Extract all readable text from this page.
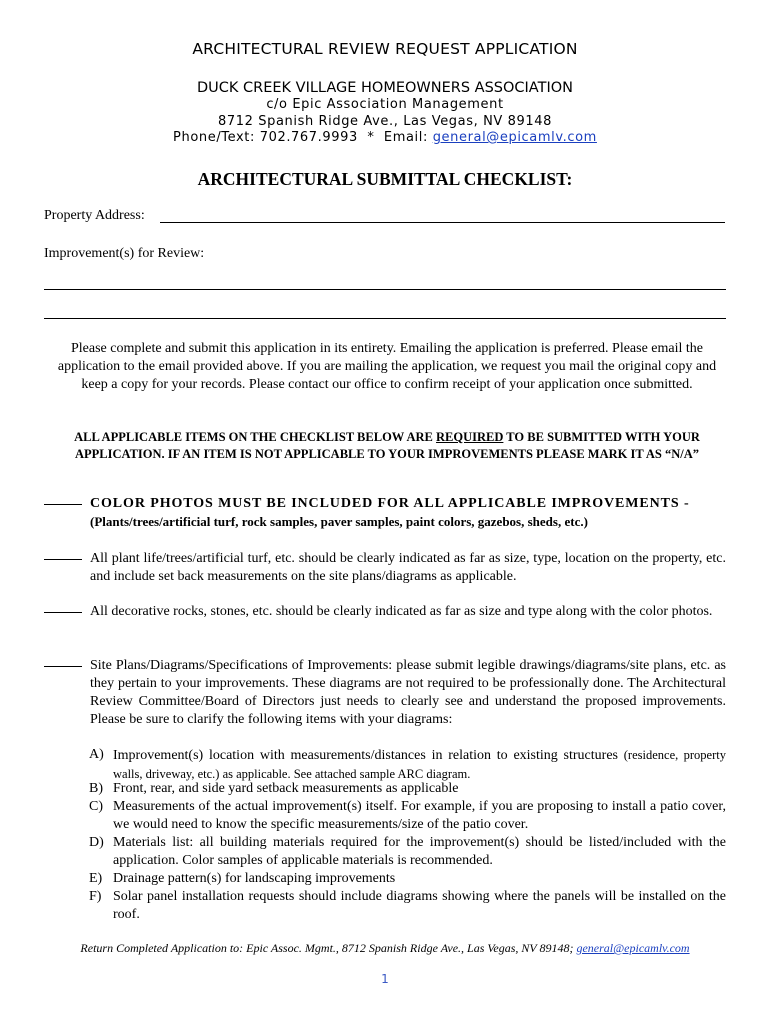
ARCHITECTURAL REVIEW REQUEST APPLICATION
DUCK CREEK VILLAGE HOMEOWNERS ASSOCIATION
c/o Epic Association Management
8712 Spanish Ridge Ave., Las Vegas, NV 89148
Phone/Text: 702.767.9993  *  Email: general@epicamlv.com
ARCHITECTURAL SUBMITTAL CHECKLIST:
Property Address:
Improvement(s) for Review:
Please complete and submit this application in its entirety. Emailing the application is preferred. Please email the application to the email provided above. If you are mailing the application, we request you mail the original copy and keep a copy for your records. Please contact our office to confirm receipt of your application once submitted.
ALL APPLICABLE ITEMS ON THE CHECKLIST BELOW ARE REQUIRED TO BE SUBMITTED WITH YOUR APPLICATION. IF AN ITEM IS NOT APPLICABLE TO YOUR IMPROVEMENTS PLEASE MARK IT AS “N/A”
COLOR PHOTOS MUST BE INCLUDED FOR ALL APPLICABLE IMPROVEMENTS -
(Plants/trees/artificial turf, rock samples, paver samples, paint colors, gazebos, sheds, etc.)
All plant life/trees/artificial turf, etc. should be clearly indicated as far as size, type, location on the property, etc. and include set back measurements on the site plans/diagrams as applicable.
All decorative rocks, stones, etc. should be clearly indicated as far as size and type along with the color photos.
Site Plans/Diagrams/Specifications of Improvements: please submit legible drawings/diagrams/site plans, etc. as they pertain to your improvements. These diagrams are not required to be professionally done. The Architectural Review Committee/Board of Directors just needs to clearly see and understand the proposed improvements. Please be sure to clarify the following items with your diagrams:
A) Improvement(s) location with measurements/distances in relation to existing structures (residence, property walls, driveway, etc.) as applicable. See attached sample ARC diagram.
B) Front, rear, and side yard setback measurements as applicable
C) Measurements of the actual improvement(s) itself. For example, if you are proposing to install a patio cover, we would need to know the specific measurements/size of the patio cover.
D) Materials list: all building materials required for the improvement(s) should be listed/included with the application. Color samples of applicable materials is recommended.
E) Drainage pattern(s) for landscaping improvements
F) Solar panel installation requests should include diagrams showing where the panels will be installed on the roof.
Return Completed Application to: Epic Assoc. Mgmt., 8712 Spanish Ridge Ave., Las Vegas, NV 89148; general@epicamlv.com
1
